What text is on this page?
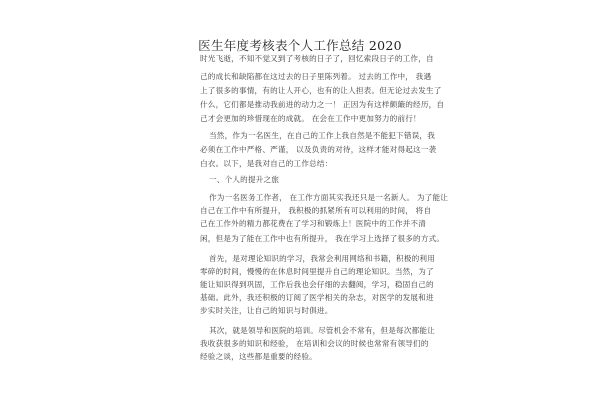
医生年度考核表个人工作总结 2020
时光飞逝，不知不觉又到了考核的日子了，回忆索段日子的工作，自
己的成长和缺陷都在这过去的日子里陈列着。 过去的工作中， 我遇
上了很多的事情，有的让人开心，也有的让人担表。但无论过去发生了
什么，它们都是推动我前进的动力之一！ 正因为有这样颇簸的经历，自
己才会更加的珍惜现在的成就。 在会在工作中更加努力的前行！
当然，作为一名医生，在自己的工作上我自然是不能犯下错误，我
必须在工作中严格、严谨， 以及负责的对待，这样才能对得起这一袭
白衣。以下，是我对自己的工作总结：
一、个人的提升之旅
作为一名医务工作者， 在工作方面其实我还只是一名新人。 为了能让
自己在工作中有所提升， 我积极的抓紧所有可以利用的时间， 将自
己在工作外的精力都花费在了学习和锻炼上！医院中的工作并不清
闲，但是为了能在工作中也有所提升， 我在学习上选择了很多的方式。
首先，是对理论知识的学习，我常会利用网络和书籍，积极的利用
零碎的时间，慢慢的在休息时间里提升自己的理论知识。当然，为了
能让知识得到巩固，工作后我也会仔细的去翻阅，学习，稳固自己的
基础。此外，我还积极的订阅了医学相关的杂志，对医学的发展和进
步实时关注，让自己的知识与时俱进。
其次，就是领导和医院的培训。尽管机会不常有，但是每次都能让
我收获很多的知识和经验， 在培训和会议的时候也常常有领导们的
经验之谈，这些都是重要的经验。
